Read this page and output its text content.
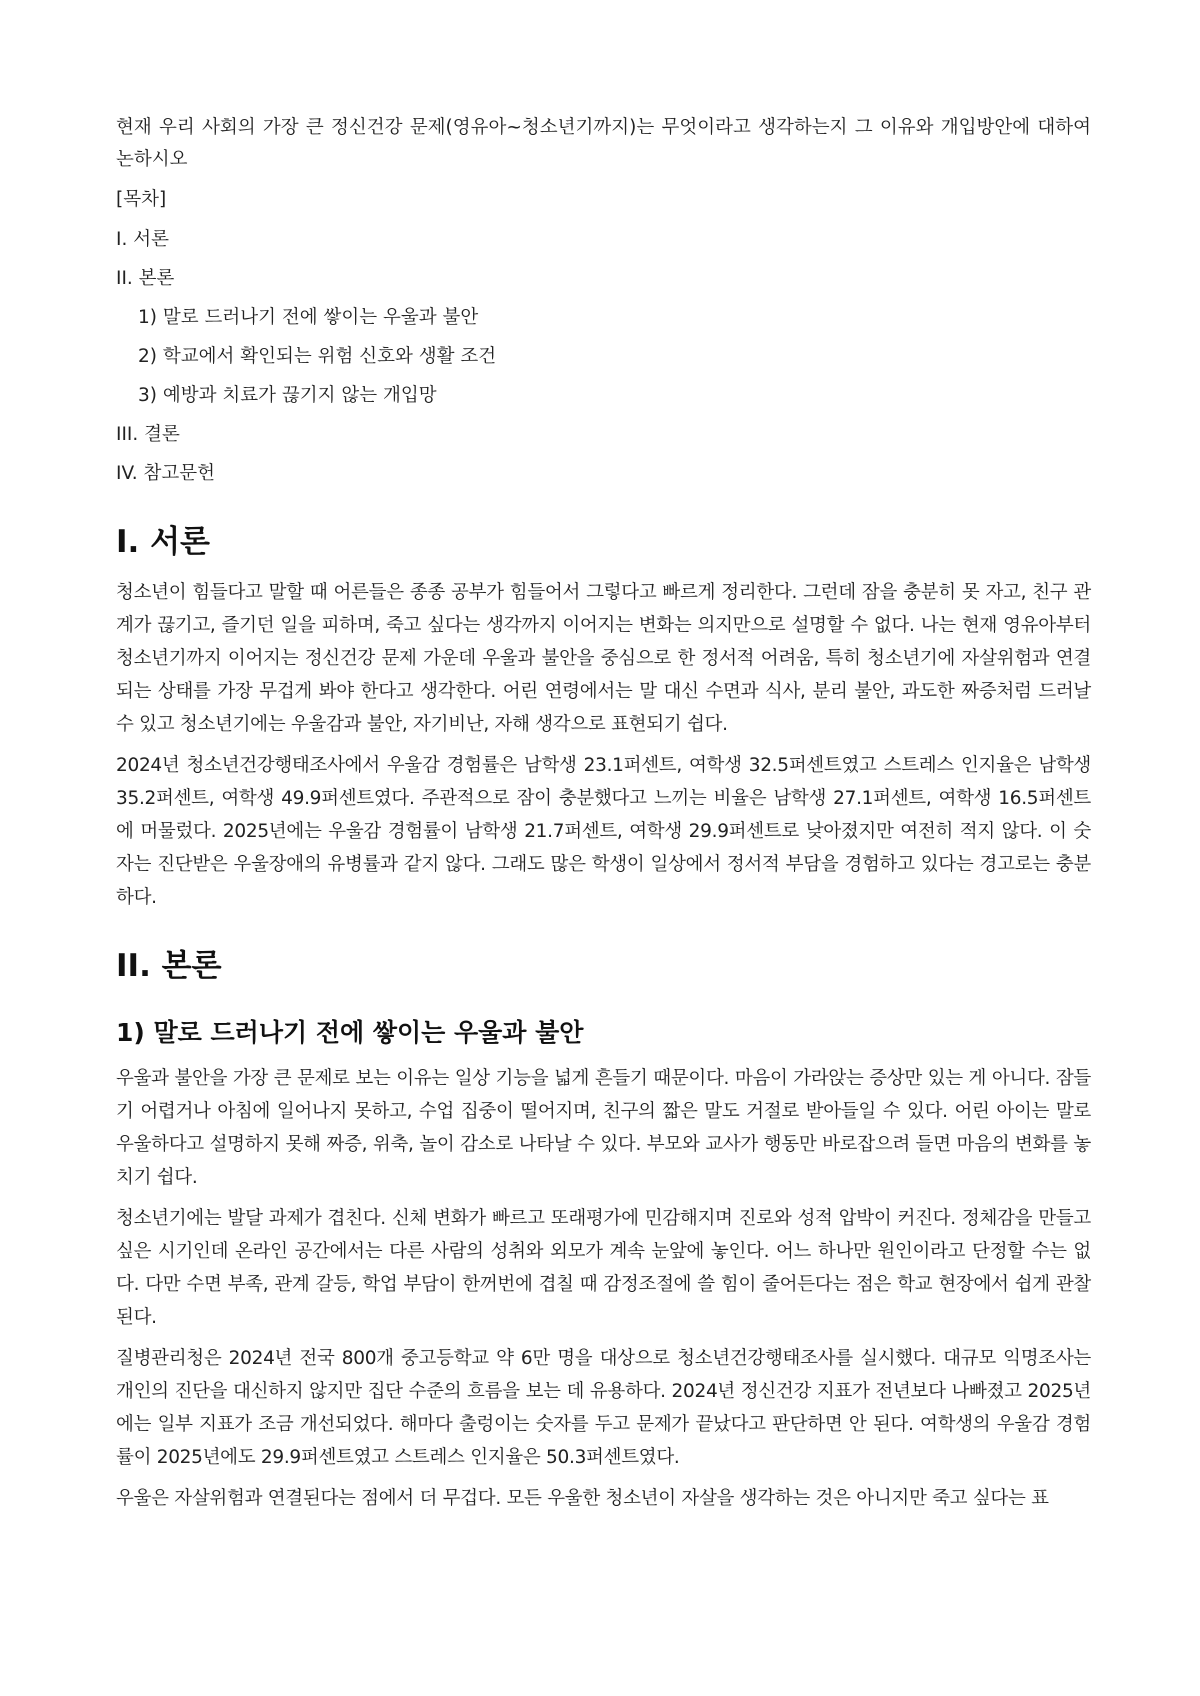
현재 우리 사회의 가장 큰 정신건강 문제(영유아~청소년기까지)는 무엇이라고 생각하는지 그 이유와 개입방안에 대하여 논하시오

[목차]
I. 서론
II. 본론
1) 말로 드러나기 전에 쌓이는 우울과 불안
2) 학교에서 확인되는 위험 신호와 생활 조건
3) 예방과 치료가 끊기지 않는 개입망
III. 결론
IV. 참고문헌
I. 서론

청소년이 힘들다고 말할 때 어른들은 종종 공부가 힘들어서 그렇다고 빠르게 정리한다. 그런데 잠을 충분히 못 자고, 친구 관계가 끊기고, 즐기던 일을 피하며, 죽고 싶다는 생각까지 이어지는 변화는 의지만으로 설명할 수 없다. 나는 현재 영유아부터 청소년기까지 이어지는 정신건강 문제 가운데 우울과 불안을 중심으로 한 정서적 어려움, 특히 청소년기에 자살위험과 연결되는 상태를 가장 무겁게 봐야 한다고 생각한다. 어린 연령에서는 말 대신 수면과 식사, 분리 불안, 과도한 짜증처럼 드러날 수 있고 청소년기에는 우울감과 불안, 자기비난, 자해 생각으로 표현되기 쉽다.

2024년 청소년건강행태조사에서 우울감 경험률은 남학생 23.1퍼센트, 여학생 32.5퍼센트였고 스트레스 인지율은 남학생 35.2퍼센트, 여학생 49.9퍼센트였다. 주관적으로 잠이 충분했다고 느끼는 비율은 남학생 27.1퍼센트, 여학생 16.5퍼센트에 머물렀다. 2025년에는 우울감 경험률이 남학생 21.7퍼센트, 여학생 29.9퍼센트로 낮아졌지만 여전히 적지 않다. 이 숫자는 진단받은 우울장애의 유병률과 같지 않다. 그래도 많은 학생이 일상에서 정서적 부담을 경험하고 있다는 경고로는 충분하다.

II. 본론
1) 말로 드러나기 전에 쌓이는 우울과 불안

우울과 불안을 가장 큰 문제로 보는 이유는 일상 기능을 넓게 흔들기 때문이다. 마음이 가라앉는 증상만 있는 게 아니다. 잠들기 어렵거나 아침에 일어나지 못하고, 수업 집중이 떨어지며, 친구의 짧은 말도 거절로 받아들일 수 있다. 어린 아이는 말로 우울하다고 설명하지 못해 짜증, 위축, 놀이 감소로 나타날 수 있다. 부모와 교사가 행동만 바로잡으려 들면 마음의 변화를 놓치기 쉽다.

청소년기에는 발달 과제가 겹친다. 신체 변화가 빠르고 또래평가에 민감해지며 진로와 성적 압박이 커진다. 정체감을 만들고 싶은 시기인데 온라인 공간에서는 다른 사람의 성취와 외모가 계속 눈앞에 놓인다. 어느 하나만 원인이라고 단정할 수는 없다. 다만 수면 부족, 관계 갈등, 학업 부담이 한꺼번에 겹칠 때 감정조절에 쓸 힘이 줄어든다는 점은 학교 현장에서 쉽게 관찰된다.

질병관리청은 2024년 전국 800개 중고등학교 약 6만 명을 대상으로 청소년건강행태조사를 실시했다. 대규모 익명조사는 개인의 진단을 대신하지 않지만 집단 수준의 흐름을 보는 데 유용하다. 2024년 정신건강 지표가 전년보다 나빠졌고 2025년에는 일부 지표가 조금 개선되었다. 해마다 출렁이는 숫자를 두고 문제가 끝났다고 판단하면 안 된다. 여학생의 우울감 경험률이 2025년에도 29.9퍼센트였고 스트레스 인지율은 50.3퍼센트였다.

우울은 자살위험과 연결된다는 점에서 더 무겁다. 모든 우울한 청소년이 자살을 생각하는 것은 아니지만 죽고 싶다는 표
